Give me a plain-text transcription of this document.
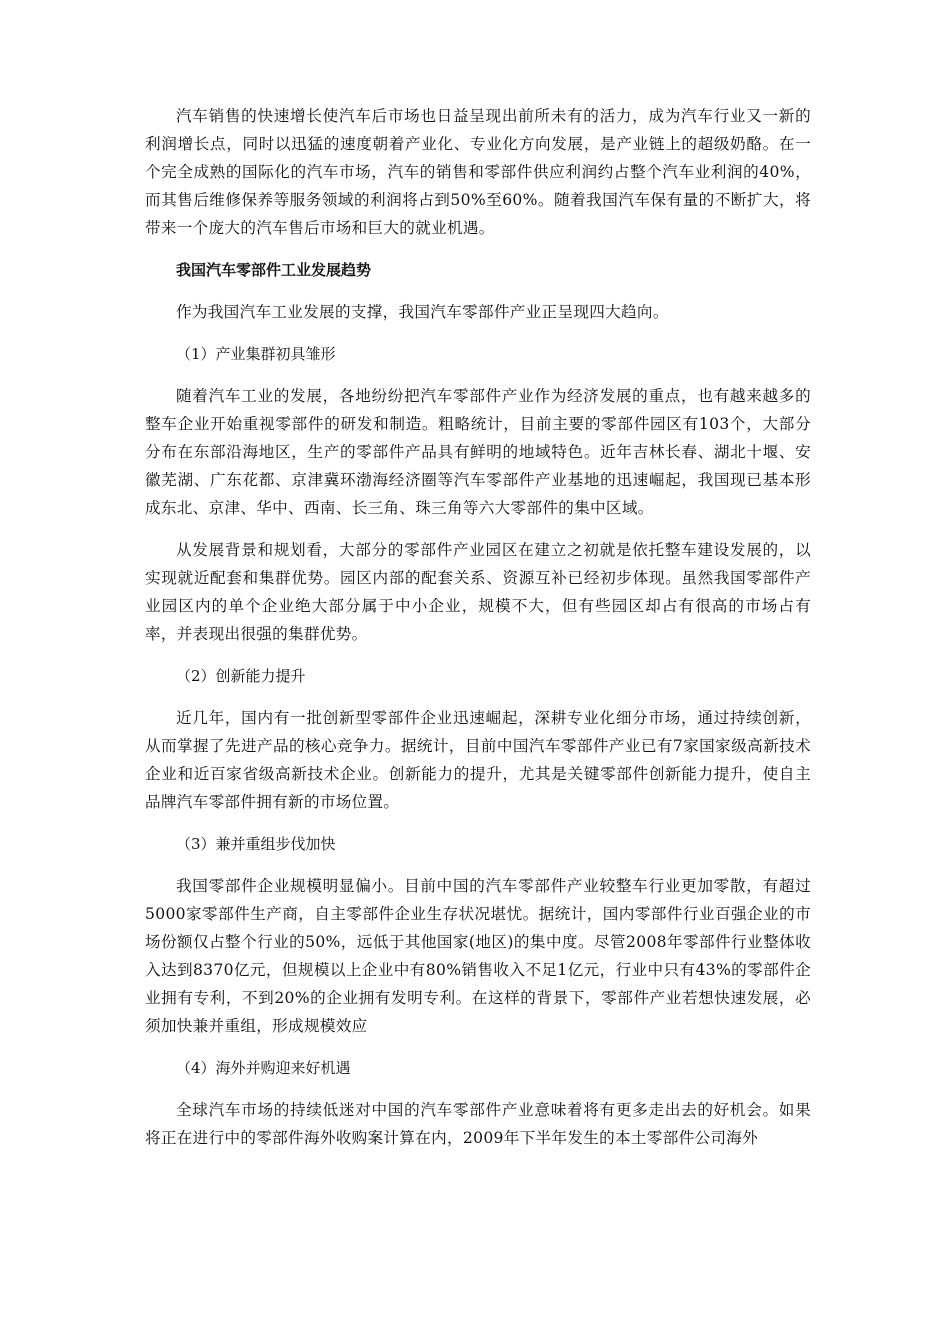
汽车销售的快速增长使汽车后市场也日益呈现出前所未有的活力，成为汽车行业又一新的利润增长点，同时以迅猛的速度朝着产业化、专业化方向发展，是产业链上的超级奶酪。在一个完全成熟的国际化的汽车市场，汽车的销售和零部件供应利润约占整个汽车业利润的40%，而其售后维修保养等服务领域的利润将占到50%至60%。随着我国汽车保有量的不断扩大，将带来一个庞大的汽车售后市场和巨大的就业机遇。

我国汽车零部件工业发展趋势

作为我国汽车工业发展的支撑，我国汽车零部件产业正呈现四大趋向。

（1）产业集群初具雏形

随着汽车工业的发展，各地纷纷把汽车零部件产业作为经济发展的重点，也有越来越多的整车企业开始重视零部件的研发和制造。粗略统计，目前主要的零部件园区有103个，大部分分布在东部沿海地区，生产的零部件产品具有鲜明的地域特色。近年吉林长春、湖北十堰、安徽芜湖、广东花都、京津冀环渤海经济圈等汽车零部件产业基地的迅速崛起，我国现已基本形成东北、京津、华中、西南、长三角、珠三角等六大零部件的集中区域。

从发展背景和规划看，大部分的零部件产业园区在建立之初就是依托整车建设发展的，以实现就近配套和集群优势。园区内部的配套关系、资源互补已经初步体现。虽然我国零部件产业园区内的单个企业绝大部分属于中小企业，规模不大，但有些园区却占有很高的市场占有率，并表现出很强的集群优势。

（2）创新能力提升

近几年，国内有一批创新型零部件企业迅速崛起，深耕专业化细分市场，通过持续创新，从而掌握了先进产品的核心竞争力。据统计，目前中国汽车零部件产业已有7家国家级高新技术企业和近百家省级高新技术企业。创新能力的提升，尤其是关键零部件创新能力提升，使自主品牌汽车零部件拥有新的市场位置。

（3）兼并重组步伐加快

我国零部件企业规模明显偏小。目前中国的汽车零部件产业较整车行业更加零散，有超过5000家零部件生产商，自主零部件企业生存状况堪忧。据统计，国内零部件行业百强企业的市场份额仅占整个行业的50%，远低于其他国家(地区)的集中度。尽管2008年零部件行业整体收入达到8370亿元，但规模以上企业中有80%销售收入不足1亿元，行业中只有43%的零部件企业拥有专利，不到20%的企业拥有发明专利。在这样的背景下，零部件产业若想快速发展，必须加快兼并重组，形成规模效应

（4）海外并购迎来好机遇

全球汽车市场的持续低迷对中国的汽车零部件产业意味着将有更多走出去的好机会。如果将正在进行中的零部件海外收购案计算在内，2009年下半年发生的本土零部件公司海外
